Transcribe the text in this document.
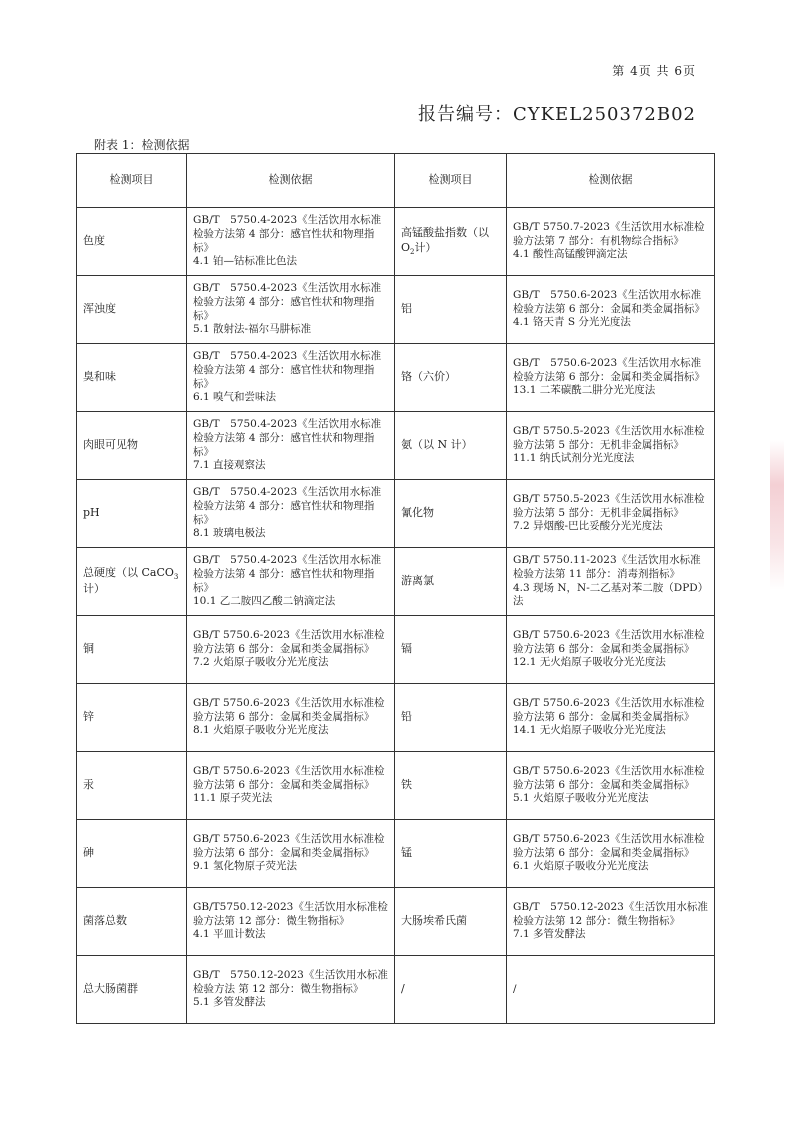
第 4页 共 6页
报告编号：CYKEL250372B02
附表 1：检测依据
检测项目	检测依据	检测项目	检测依据
色度	GB/T　5750.4-2023《生活饮用水标准检验方法第 4 部分：感官性状和物理指标》
4.1 铂—钴标准比色法	高锰酸盐指数（以$O_2$计）	GB/T 5750.7-2023《生活饮用水标准检验方法第 7 部分：有机物综合指标》
4.1 酸性高锰酸钾滴定法

浑浊度	GB/T　5750.4-2023《生活饮用水标准检验方法第 4 部分：感官性状和物理指标》
5.1 散射法-福尔马肼标准	铝	GB/T　5750.6-2023《生活饮用水标准检验方法第 6 部分：金属和类金属指标》
4.1 铬天青 S 分光光度法

臭和味	GB/T　5750.4-2023《生活饮用水标准检验方法第 4 部分：感官性状和物理指标》
6.1 嗅气和尝味法	铬（六价）	GB/T　5750.6-2023《生活饮用水标准检验方法第 6 部分：金属和类金属指标》
13.1 二苯碳酰二肼分光光度法

肉眼可见物	GB/T　5750.4-2023《生活饮用水标准检验方法第 4 部分：感官性状和物理指标》
7.1 直接观察法	氨（以 N 计）	GB/T 5750.5-2023《生活饮用水标准检验方法第 5 部分：无机非金属指标》
11.1 纳氏试剂分光光度法

pH	GB/T　5750.4-2023《生活饮用水标准检验方法第 4 部分：感官性状和物理指标》
8.1 玻璃电极法	氰化物	GB/T 5750.5-2023《生活饮用水标准检验方法第 5 部分：无机非金属指标》
7.2 异烟酸-巴比妥酸分光光度法

总硬度（以 CaCO$_3$计）	GB/T　5750.4-2023《生活饮用水标准检验方法第 4 部分：感官性状和物理指标》
10.1 乙二胺四乙酸二钠滴定法	游离氯	GB/T 5750.11-2023《生活饮用水标准检验方法第 11 部分：消毒剂指标》
4.3 现场 N，N-二乙基对苯二胺（DPD）法

铜	GB/T 5750.6-2023《生活饮用水标准检验方法第 6 部分：金属和类金属指标》
7.2 火焰原子吸收分光光度法	镉	GB/T 5750.6-2023《生活饮用水标准检验方法第 6 部分：金属和类金属指标》
12.1 无火焰原子吸收分光光度法

锌	GB/T 5750.6-2023《生活饮用水标准检验方法第 6 部分：金属和类金属指标》
8.1 火焰原子吸收分光光度法	铅	GB/T 5750.6-2023《生活饮用水标准检验方法第 6 部分：金属和类金属指标》
14.1 无火焰原子吸收分光光度法

汞	GB/T 5750.6-2023《生活饮用水标准检验方法第 6 部分：金属和类金属指标》
11.1 原子荧光法	铁	GB/T 5750.6-2023《生活饮用水标准检验方法第 6 部分：金属和类金属指标》
5.1 火焰原子吸收分光光度法

砷	GB/T 5750.6-2023《生活饮用水标准检验方法第 6 部分：金属和类金属指标》
9.1 氢化物原子荧光法	锰	GB/T 5750.6-2023《生活饮用水标准检验方法第 6 部分：金属和类金属指标》
6.1 火焰原子吸收分光光度法

菌落总数	GB/T5750.12-2023《生活饮用水标准检验方法第 12 部分：微生物指标》
4.1 平皿计数法	大肠埃希氏菌	GB/T　5750.12-2023《生活饮用水标准检验方法第 12 部分：微生物指标》
7.1 多管发酵法

总大肠菌群	GB/T　5750.12-2023《生活饮用水标准检验方法 第 12 部分：微生物指标》
5.1 多管发酵法	/	/
